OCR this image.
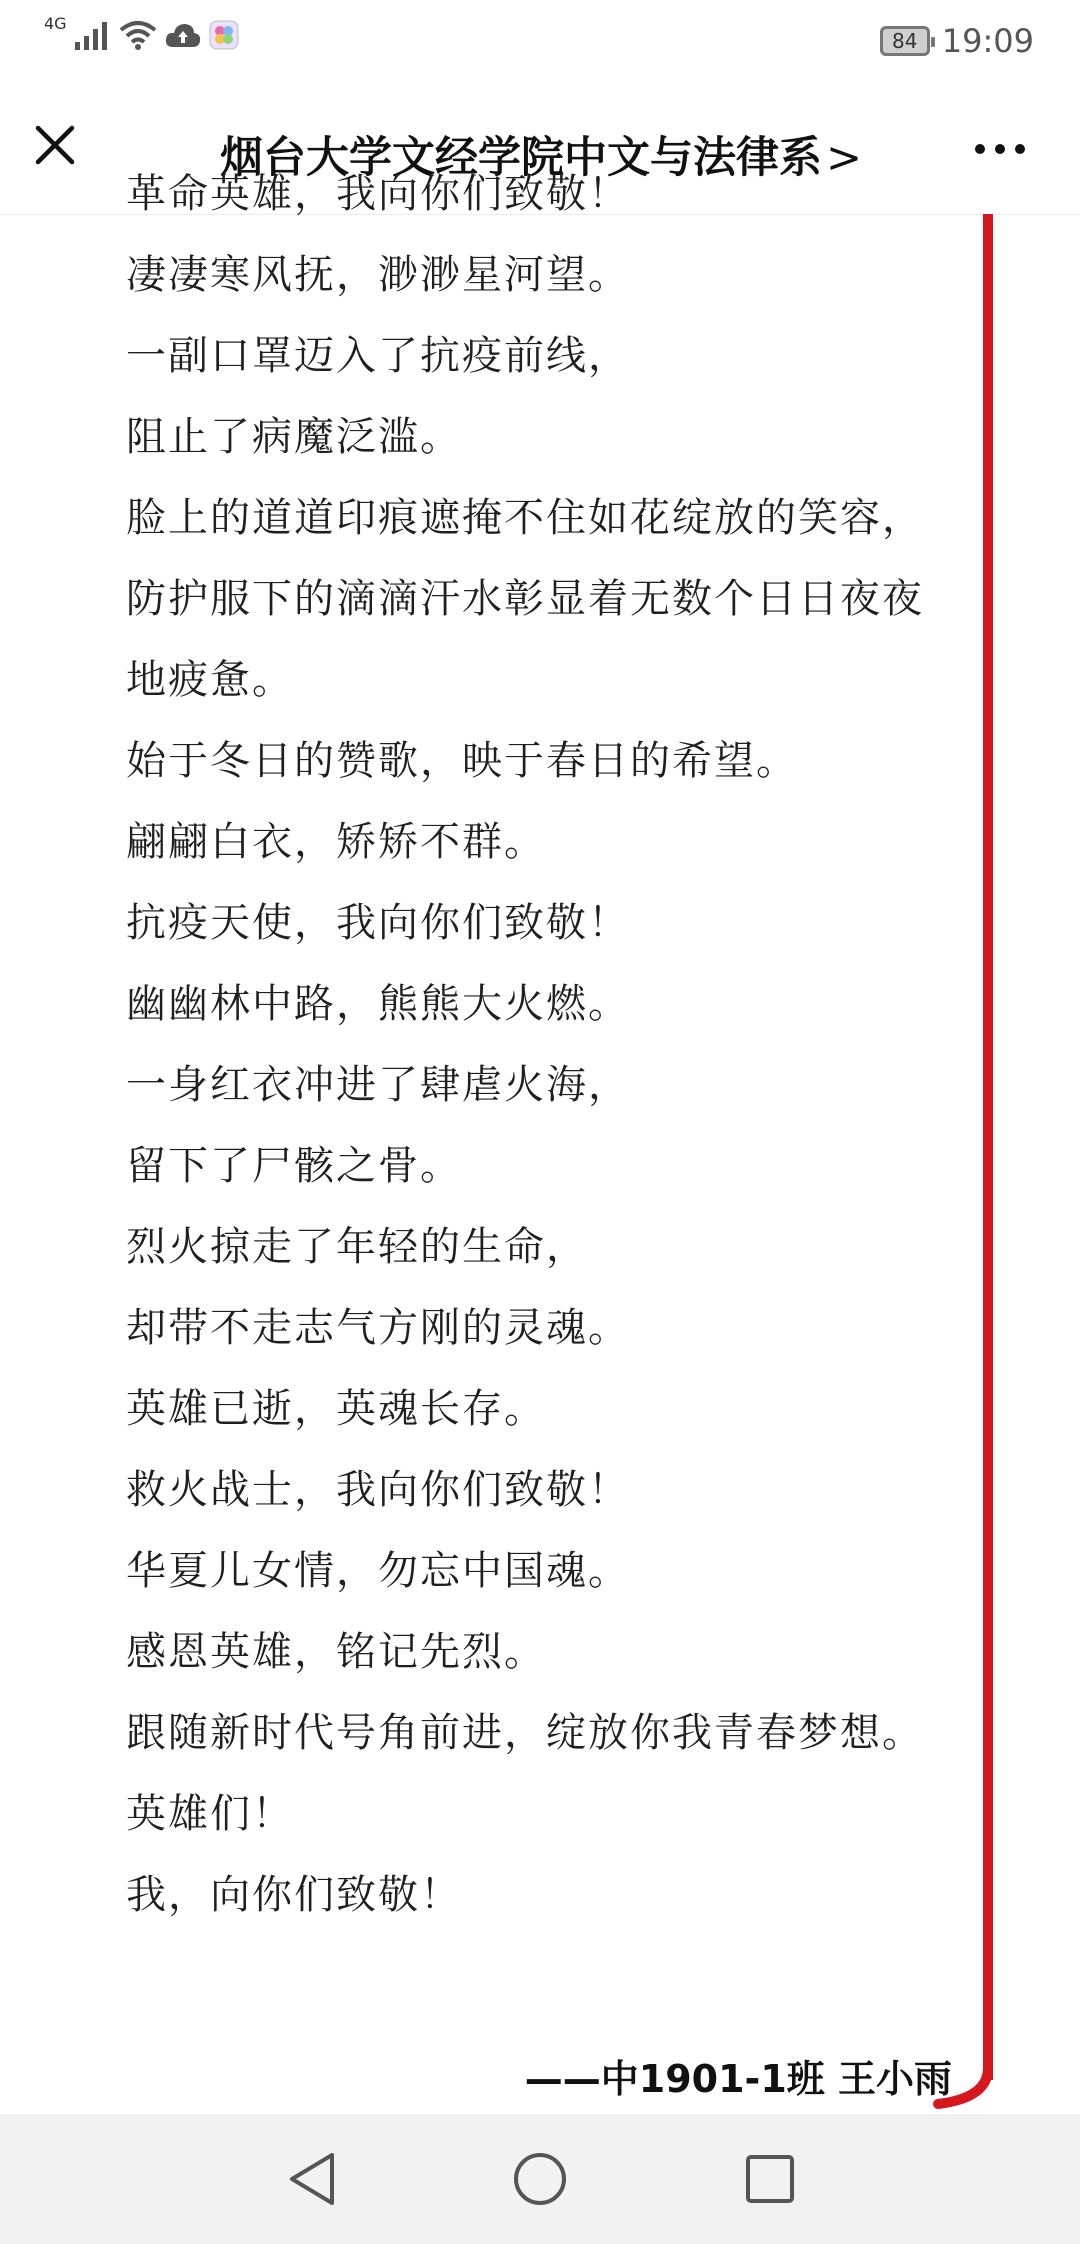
4G
84 19:09
烟台大学文经学院中文与法律系>
革命英雄，我向你们致敬！
凄凄寒风抚，渺渺星河望。
一副口罩迈入了抗疫前线，
阻止了病魔泛滥。
脸上的道道印痕遮掩不住如花绽放的笑容，
防护服下的滴滴汗水彰显着无数个日日夜夜
地疲惫。
始于冬日的赞歌，映于春日的希望。
翩翩白衣，矫矫不群。
抗疫天使，我向你们致敬！
幽幽林中路，熊熊大火燃。
一身红衣冲进了肆虐火海，
留下了尸骸之骨。
烈火掠走了年轻的生命，
却带不走志气方刚的灵魂。
英雄已逝，英魂长存。
救火战士，我向你们致敬！
华夏儿女情，勿忘中国魂。
感恩英雄，铭记先烈。
跟随新时代号角前进，绽放你我青春梦想。
英雄们！
我，向你们致敬！
——中1901-1班 王小雨
